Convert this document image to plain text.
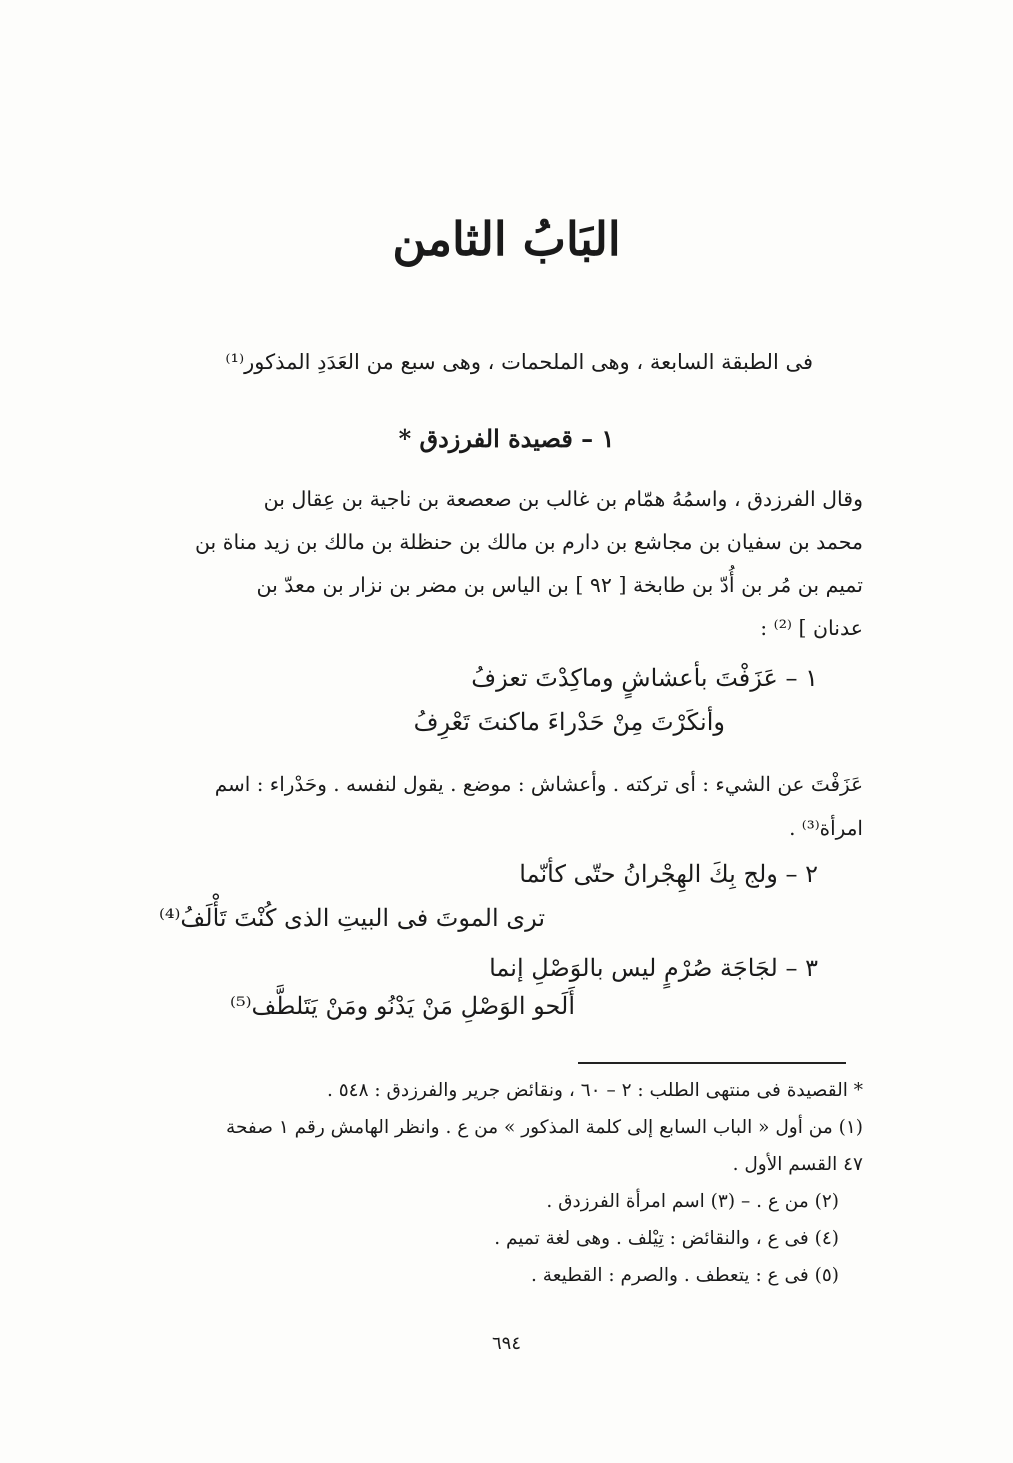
البَابُ الثامن
فى الطبقة السابعة ، وهى الملحمات ، وهى سبع من العَدَدِ المذكور⁽¹⁾
١ – قصيدة الفرزدق *
وقال الفرزدق ، واسمُهُ همّام بن غالب بن صعصعة بن ناجية بن عِقال بن
محمد بن سفيان بن مجاشع بن دارم بن مالك بن حنظلة بن مالك بن زيد مناة بن
تميم بن مُر بن أُدّ بن طابخة [ ٩٢ ] بن الياس بن مضر بن نزار بن معدّ بن
عدنان ] ⁽²⁾ :
١ – عَزَفْتَ بأعشاشٍ وماكِدْتَ تعزفُ
وأنكَرْتَ مِنْ حَدْراءَ ماكنتَ تَعْرِفُ
عَزَفْتَ عن الشيء : أى تركته . وأعشاش : موضع . يقول لنفسه . وحَدْراء : اسم
امرأة⁽³⁾ .
٢ – ولج بِكَ الهِجْرانُ حتّى كأنّما
ترى الموتَ فى البيتِ الذى كُنْتَ تَأْلَفُ⁽⁴⁾
٣ – لجَاجَة صُرْمٍ ليس بالوَصْلِ إنما
أَلَحو الوَصْلِ مَنْ يَدْنُو ومَنْ يَتَلطَّف⁽⁵⁾
* القصيدة فى منتهى الطلب : ٢ – ٦٠ ، ونقائض جرير والفرزدق : ٥٤٨ .
(١) من أول « الباب السابع إلى كلمة المذكور » من ع . وانظر الهامش رقم ١ صفحة
٤٧ القسم الأول .
(٢) من ع . – (٣) اسم امرأة الفرزدق .
(٤) فى ع ، والنقائض : تِيْلف . وهى لغة تميم .
(٥) فى ع : يتعطف . والصرم : القطيعة .
٦٩٤
